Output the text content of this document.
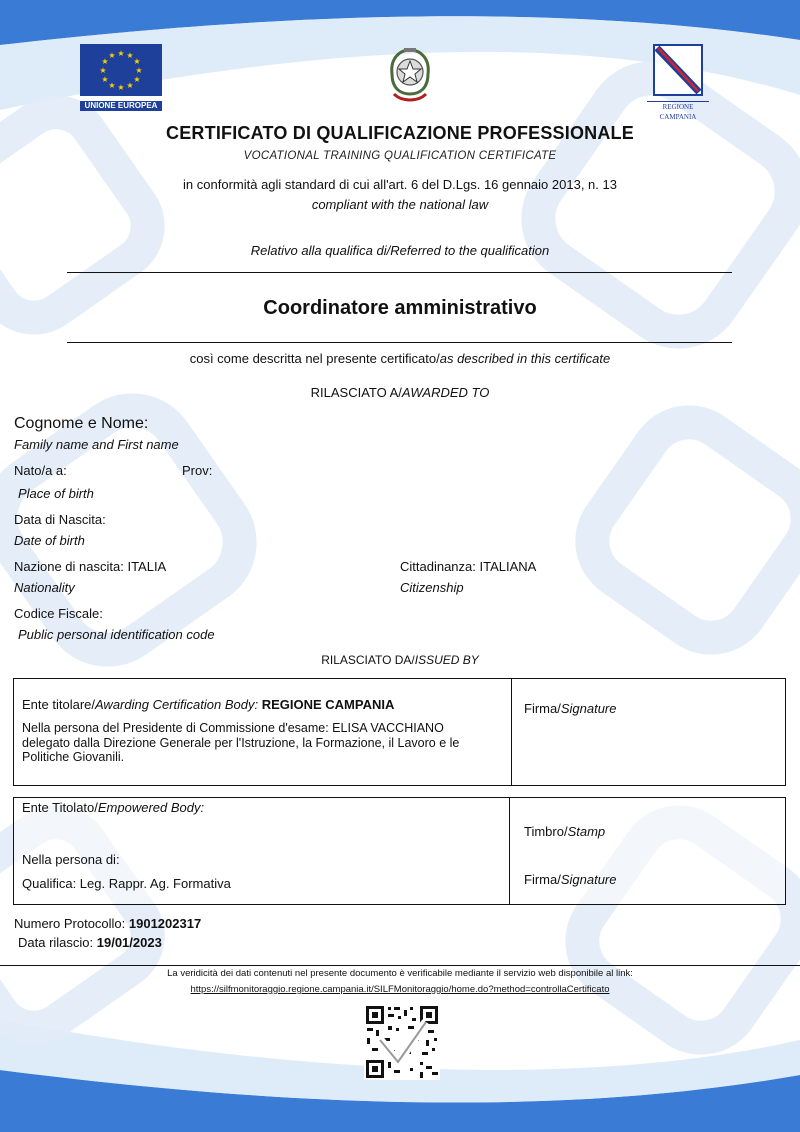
★ ★
★
★
★
★
★
★
★
★
★
★
UNIONE EUROPEA	REGIONE CAMPANIA
CERTIFICATO DI QUALIFICAZIONE PROFESSIONALE
VOCATIONAL TRAINING QUALIFICATION CERTIFICATE
in conformità agli standard di cui all'art. 6 del D.Lgs. 16 gennaio 2013, n. 13
compliant with the national law
Relativo alla qualifica di/Referred to the qualification
Coordinatore amministrativo
così come descritta nel presente certificato/as described in this certificate
RILASCIATO A/AWARDED TO
Cognome e Nome:
Family name and First name
Nato/a a:	Prov:
Place of birth
Data di Nascita:
Date of birth
Nazione di nascita: ITALIA
Nationality
Cittadinanza: ITALIANA
Citizenship
Codice Fiscale:
Public personal identification code
RILASCIATO DA/ISSUED BY
Ente titolare/Awarding Certification Body: REGIONE CAMPANIA
Nella persona del Presidente di Commissione d'esame: ELISA VACCHIANO
delegato dalla Direzione Generale per l'Istruzione, la Formazione, il Lavoro e le
Politiche Giovanili.
Firma/Signature
Ente Titolato/Empowered Body:
Nella persona di:
Qualifica: Leg. Rappr. Ag. Formativa
Timbro/Stamp
Firma/Signature
Numero Protocollo: 1901202317
Data rilascio: 19/01/2023
La veridicità dei dati contenuti nel presente documento è verificabile mediante il servizio web disponibile al link:
https://silfmonitoraggio.regione.campania.it/SILFMonitoraggio/home.do?method=controllaCertificato
